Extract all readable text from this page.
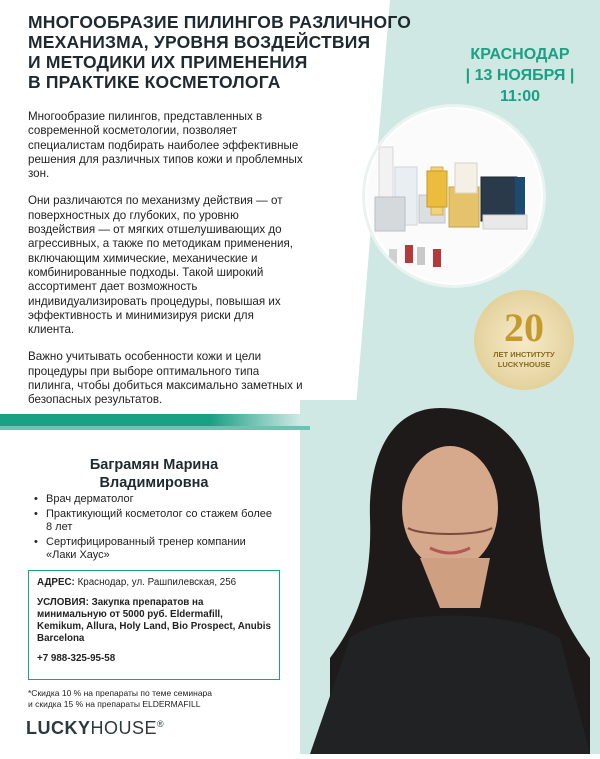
МНОГООБРАЗИЕ ПИЛИНГОВ РАЗЛИЧНОГО
МЕХАНИЗМА, УРОВНЯ ВОЗДЕЙСТВИЯ
И МЕТОДИКИ ИХ ПРИМЕНЕНИЯ
В ПРАКТИКЕ КОСМЕТОЛОГА
КРАСНОДАР
| 13 НОЯБРЯ |
11:00

Многообразие пилингов, представленных в современной косметологии, позволяет специалистам подбирать наиболее эффективные решения для различных типов кожи и проблемных зон.

Они различаются по механизму действия — от поверхностных до глубоких, по уровню воздействия — от мягких отшелушивающих до агрессивных, а также по методикам применения, включающим химические, механические и комбинированные подходы. Такой широкий ассортимент дает возможность индивидуализировать процедуры, повышая их эффективность и минимизируя риски для клиента.

Важно учитывать особенности кожи и цели процедуры при выборе оптимального типа пилинга, чтобы добиться максимально заметных и безопасных результатов.

20
ЛЕТ ИНСТИТУТУ
LUCKYHOUSE
Баграмян Марина
Владимировна
• Врач дерматолог
• Практикующий косметолог со стажем более 8 лет
• Сертифицированный тренер компании «Лаки Хаус»

АДРЕС: Краснодар, ул. Рашпилевская, 256

УСЛОВИЯ: Закупка препаратов на минимальную от 5000 руб. Eldermafill, Kemikum, Allura, Holy Land, Bio Prospect, Anubis Barcelona

+7 988-325-95-58

*Скидка 10 % на препараты по теме семинара
и скидка 15 % на препараты ELDERMAFILL
LUCKYHOUSE®
